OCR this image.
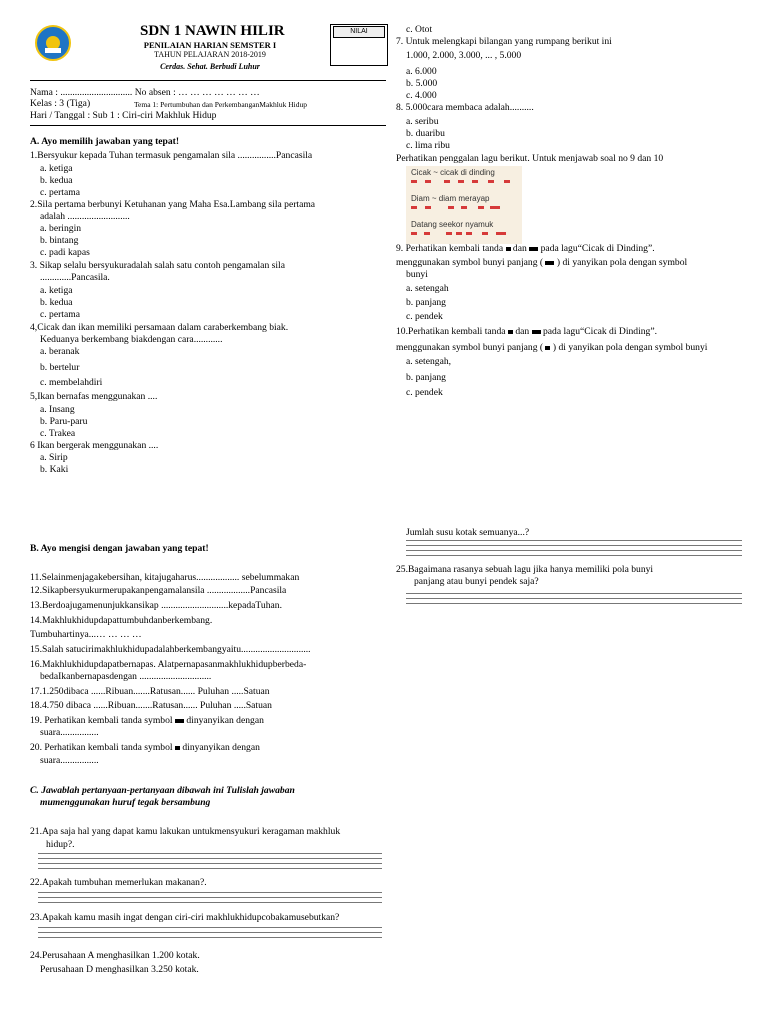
SDN 1 NAWIN HILIR
PENILAIAN HARIAN SEMSTER I
TAHUN PELAJARAN 2018-2019
Cerdas. Sehat. Berbudi Luhur
NILAI
Nama : .............................. No absen : … … … … … … …
Kelas : 3 (Tiga)	Tema 1: Pertumbuhan dan PerkembanganMakhluk Hidup
Hari / Tanggal : Sub 1 : Ciri-ciri Makhluk Hidup
A. Ayo memilih jawaban yang tepat!
1.Bersyukur kepada Tuhan termasuk pengamalan sila ................Pancasila
a. ketiga
b. kedua
c. pertama
2.Sila pertama berbunyi Ketuhanan yang Maha Esa.Lambang sila pertama
adalah ..........................
a. beringin
b. bintang
c. padi kapas
3. Sikap selalu bersyukuradalah salah satu contoh pengamalan sila
.............Pancasila.
a. ketiga
b. kedua
c. pertama
4,Cicak dan ikan memiliki persamaan dalam caraberkembang biak.
Keduanya berkembang biakdengan cara............
a. beranak
b. bertelur
c. membelahdiri
5,Ikan bernafas menggunakan ....
a. Insang
b. Paru-paru
c. Trakea
6 Ikan bergerak menggunakan ....
a. Sirip
b. Kaki
c. Otot
7. Untuk melengkapi bilangan yang rumpang berikut ini
1.000, 2.000, 3.000, ... , 5.000
a. 6.000
b. 5.000
c. 4.000
8. 5.000cara membaca adalah..........
a. seribu
b. duaribu
c. lima ribu
Perhatikan penggalan lagu berikut. Untuk menjawab soal no 9 dan 10
Cicak ~ cicak di dinding
Diam ~ diam merayap
Datang seekor nyamuk
9. Perhatikan kembali tanda dan pada lagu“Cicak di Dinding”.
menggunakan symbol bunyi panjang ( ) di yanyikan pola dengan symbol
bunyi
a. setengah
b. panjang
c. pendek
10.Perhatikan kembali tanda dan pada lagu“Cicak di Dinding”.
menggunakan symbol bunyi panjang ( ) di yanyikan pola dengan symbol bunyi
a. setengah,
b. panjang
c. pendek
Jumlah susu kotak semuanya...?
25.Bagaimana rasanya sebuah lagu jika hanya memiliki pola bunyi
panjang atau bunyi pendek saja?
B. Ayo mengisi dengan jawaban yang tepat!
11.Selainmenjagakebersihan, kitajugaharus.................. sebelummakan
12.Sikapbersyukurmerupakanpengamalansila ..................Pancasila
13.Berdoajugamenunjukkansikap ............................kepadaTuhan.
14.Makhlukhidupdapattumbuhdanberkembang.
Tumbuhartinya...… … … …
15.Salah satucirimakhlukhidupadalahberkembangyaitu.............................
16.Makhlukhidupdapatbernapas. Alatpernapasanmakhlukhidupberbeda-
bedaIkanbernapasdengan ..............................
17.1.250dibaca ......Ribuan.......Ratusan...... Puluhan .....Satuan
18.4.750 dibaca ......Ribuan.......Ratusan...... Puluhan .....Satuan
19. Perhatikan kembali tanda symbol dinyanyikan dengan
suara................
20. Perhatikan kembali tanda symbol dinyanyikan dengan
suara................
C. Jawablah pertanyaan-pertanyaan dibawah ini Tulislah jawaban
mumenggunakan huruf tegak bersambung
21.Apa saja hal yang dapat kamu lakukan untukmensyukuri keragaman makhluk
hidup?.
22.Apakah tumbuhan memerlukan makanan?.
23.Apakah kamu masih ingat dengan ciri-ciri makhlukhidupcobakamusebutkan?
24.Perusahaan A menghasilkan 1.200 kotak.
Perusahaan D menghasilkan 3.250 kotak.
